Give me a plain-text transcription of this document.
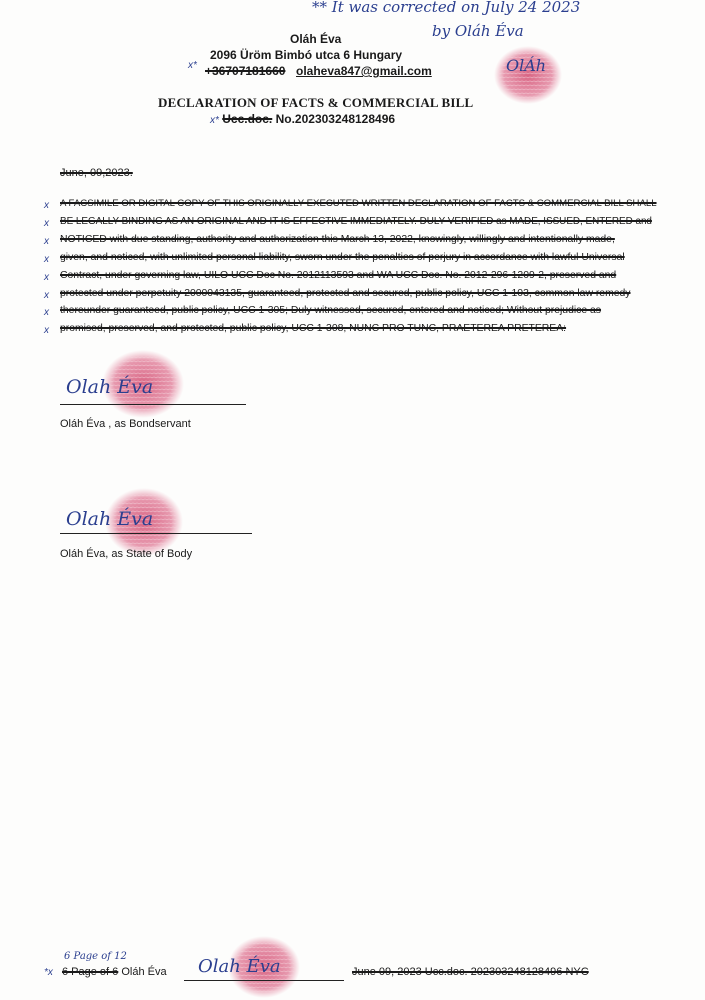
** It was corrected on July 24 2023
by Oláh Éva
OlÁh
Oláh Éva
2096 Üröm Bimbó utca 6 Hungary
x* +36707181660 olaheva847@gmail.com
DECLARATION OF FACTS & COMMERCIAL BILL
x* Ucc.doc. No.202303248128496
June, 09,2023.
x A FACSIMILE OR DIGITAL COPY OF THIS ORIGINALLY EXECUTED WRITTEN DECLARATION OF FACTS & COMMERCIAL BILL SHALL
x BE LEGALLY BINDING AS AN ORIGINAL AND IT IS EFFECTIVE IMMEDIATELY. DULY VERIFIED as MADE, ISSUED, ENTERED and
x NOTICED with due standing, authority and authorization this March 13, 2022, knowingly, willingly and intentionally made,
x given, and noticed, with unlimited personal liability, sworn under the penalties of perjury in accordance with lawful Universal
x Contract, under governing law, UILO UCC Doc No. 2012113593 and WA UCC Doc. No. 2012-296-1209-2, preserved and
x protected under perpetuity 2000043135, guaranteed, protected and secured, public policy, UCC 1-103, common law remedy
x thereunder guaranteed, public policy, UCC 1-305; Duly witnessed, secured, entered and noticed; Without prejudice as
x promised, preserved, and protected, public policy, UCC 1-308, NUNC PRO TUNC, PRAETEREA PRETEREA:
Olah Éva
Oláh Éva , as Bondservant
Olah Éva
Oláh Éva, as State of Body
6 Page of 12
*x 6 Page of 6 Oláh Éva Olah Éva	June 09, 2023 Ucc.doc. 202303248128496 NYC
